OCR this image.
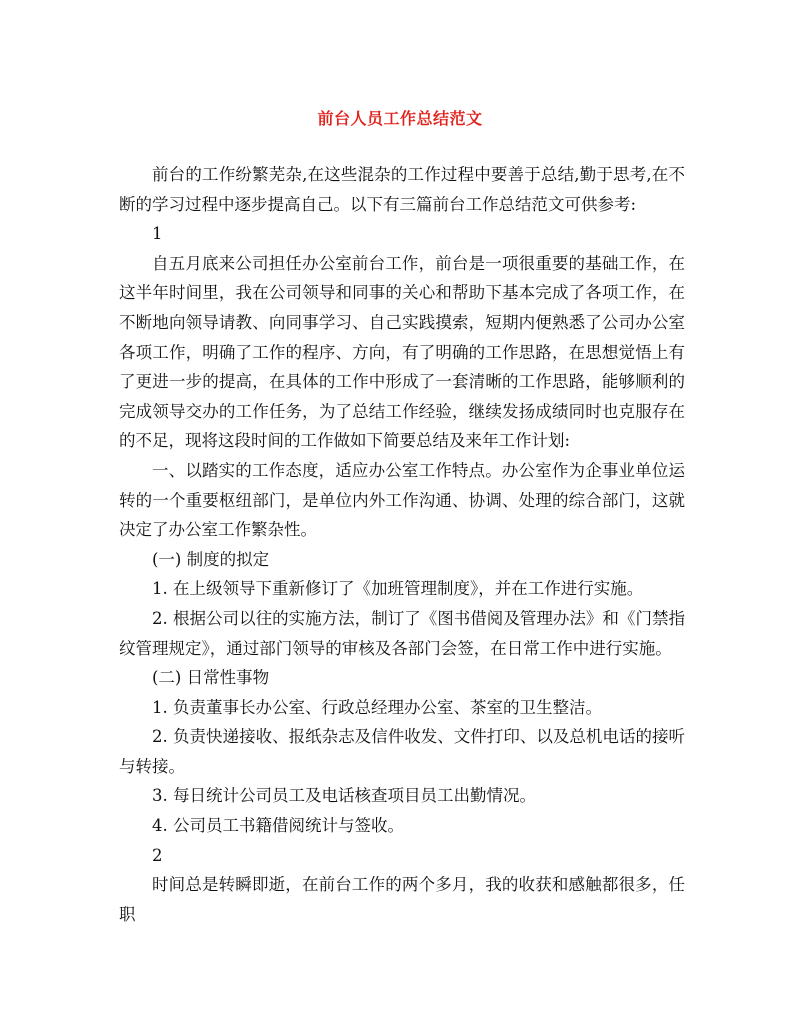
前台人员工作总结范文

前台的工作纷繁芜杂,在这些混杂的工作过程中要善于总结,勤于思考,在不断的学习过程中逐步提高自己。以下有三篇前台工作总结范文可供参考:

1

自五月底来公司担任办公室前台工作，前台是一项很重要的基础工作，在这半年时间里，我在公司领导和同事的关心和帮助下基本完成了各项工作，在不断地向领导请教、向同事学习、自己实践摸索，短期内便熟悉了公司办公室各项工作，明确了工作的程序、方向，有了明确的工作思路，在思想觉悟上有了更进一步的提高，在具体的工作中形成了一套清晰的工作思路，能够顺利的完成领导交办的工作任务，为了总结工作经验，继续发扬成绩同时也克服存在的不足，现将这段时间的工作做如下简要总结及来年工作计划:

一、以踏实的工作态度，适应办公室工作特点。办公室作为企事业单位运转的一个重要枢纽部门，是单位内外工作沟通、协调、处理的综合部门，这就决定了办公室工作繁杂性。

(一) 制度的拟定

1. 在上级领导下重新修订了《加班管理制度》，并在工作进行实施。

2. 根据公司以往的实施方法，制订了《图书借阅及管理办法》和《门禁指纹管理规定》，通过部门领导的审核及各部门会签，在日常工作中进行实施。

(二) 日常性事物

1. 负责董事长办公室、行政总经理办公室、茶室的卫生整洁。

2. 负责快递接收、报纸杂志及信件收发、文件打印、以及总机电话的接听与转接。

3. 每日统计公司员工及电话核查项目员工出勤情况。

4. 公司员工书籍借阅统计与签收。

2

时间总是转瞬即逝，在前台工作的两个多月，我的收获和感触都很多，任职
